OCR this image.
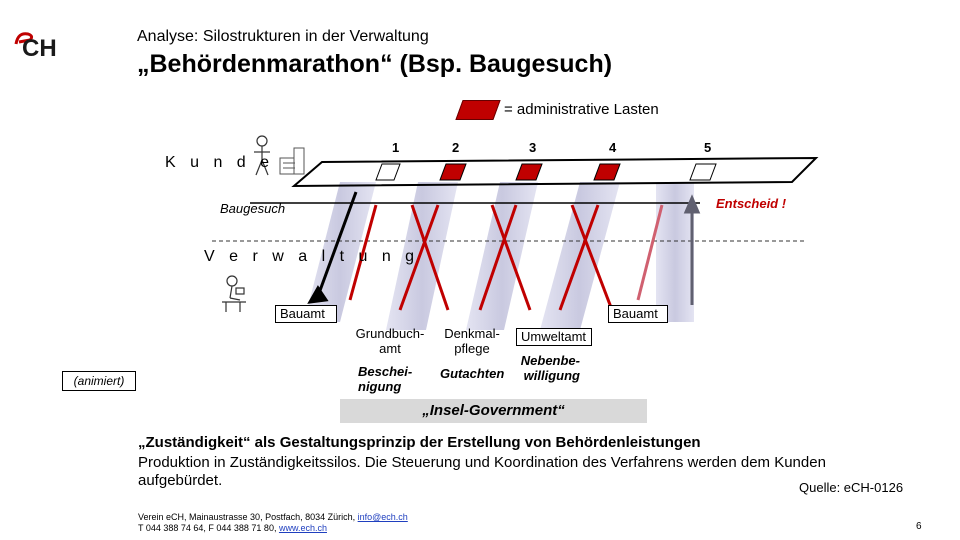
CH	Analyse: Silostrukturen in der Verwaltung
„Behördenmarathon“ (Bsp. Baugesuch)
= administrative Lasten
K u n d e
V e r w a l t u n g
1	2	3	4	5
Baugesuch	Entscheid !
Bauamt	Bauamt
Grundbuch-
amt
Beschei-
nigung
Denkmal-
pflege
Gutachten
Umweltamt
Nebenbe-
willigung
(animiert)
„Insel-Government“
„Zuständigkeit“ als Gestaltungsprinzip der Erstellung von Behördenleistungen
Produktion in Zuständigkeitssilos. Die Steuerung und Koordination des Verfahrens werden dem Kunden aufgebürdet.	Quelle: eCH-0126
Verein eCH, Mainaustrasse 30, Postfach, 8034 Zürich, info@ech.ch
T 044 388 74 64, F 044 388 71 80, www.ech.ch	6
